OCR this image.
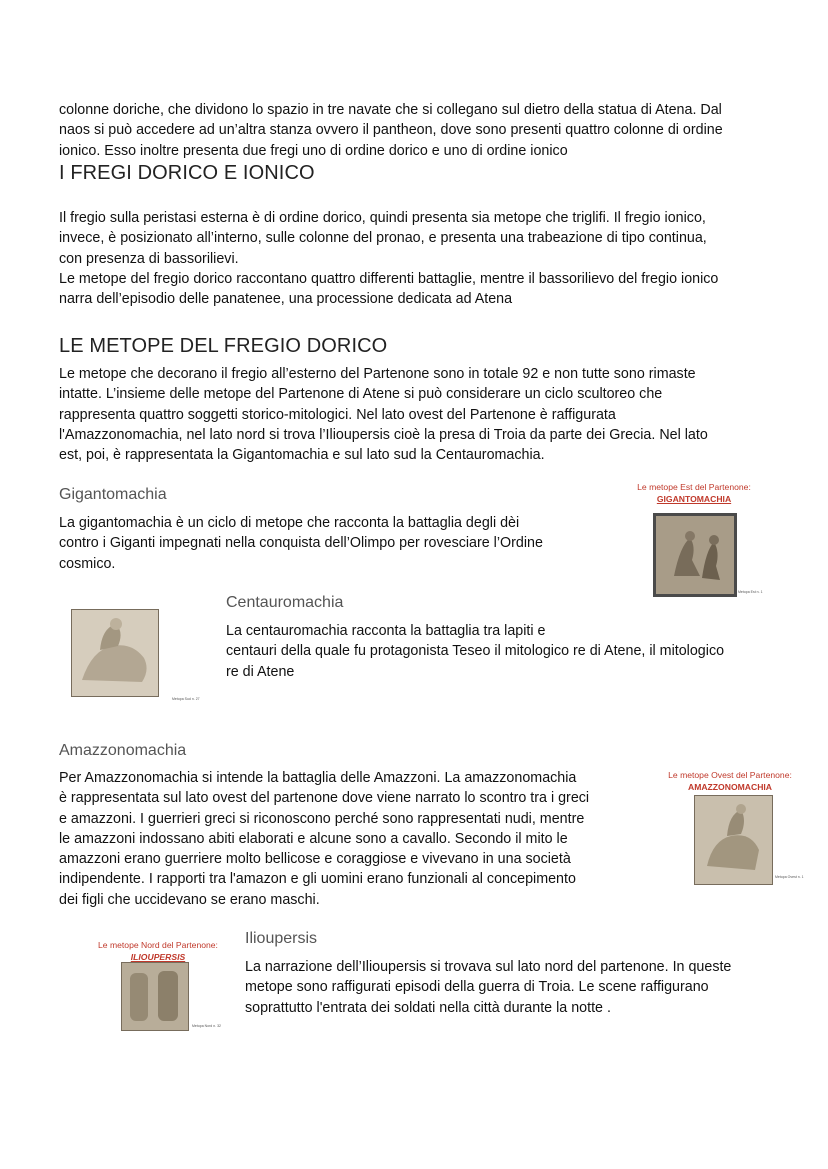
colonne doriche, che dividono lo spazio in tre navate che si collegano sul dietro della statua di Atena. Dal
naos si può accedere ad un’altra stanza ovvero il pantheon, dove sono presenti quattro colonne di ordine
ionico. Esso inoltre presenta due fregi uno di ordine dorico e uno di ordine ionico

I FREGI DORICO E IONICO

Il fregio sulla peristasi esterna è di ordine dorico, quindi presenta sia metope che triglifi. Il fregio ionico,
invece, è posizionato all’interno, sulle colonne del pronao, e presenta una trabeazione di tipo continua,
con presenza di bassorilievi.
Le metope del fregio dorico raccontano quattro differenti battaglie, mentre il bassorilievo del fregio ionico
narra dell’episodio delle panatenee, una processione dedicata ad Atena

LE METOPE DEL FREGIO DORICO

Le metope che decorano il fregio all’esterno del Partenone sono in totale 92 e non tutte sono rimaste
intatte. L’insieme delle metope del Partenone di Atene si può considerare un ciclo scultoreo che
rappresenta quattro soggetti storico-mitologici. Nel lato ovest del Partenone è raffigurata
l'Amazzonomachia, nel lato nord si trova l’Ilioupersis cioè la presa di Troia da parte dei Grecia. Nel lato
est, poi, è rappresentata la Gigantomachia e sul lato sud la Centauromachia.

Gigantomachia

La gigantomachia è un ciclo di metope che racconta la battaglia degli dèi
contro i Giganti impegnati nella conquista dell’Olimpo per rovesciare l’Ordine
cosmico.

Le metope Est del Partenone:
GIGANTOMACHIA
Metopa Est n. 1
Metopa Sud n. 27
Centauromachia

La centauromachia racconta la battaglia tra lapiti e
centauri della quale fu protagonista Teseo il mitologico re di Atene, il mitologico
re di Atene

Amazzonomachia

Per Amazzonomachia si intende la battaglia delle Amazzoni. La amazzonomachia
è rappresentata sul lato ovest del partenone dove viene narrato lo scontro tra i greci
e amazzoni. I guerrieri greci si riconoscono perché sono rappresentati nudi, mentre
le amazzoni indossano abiti elaborati e alcune sono a cavallo. Secondo il mito le
amazzoni erano guerriere molto bellicose e coraggiose e vivevano in una società
indipendente. I rapporti tra l'amazon e gli uomini erano funzionali al concepimento
dei figli che uccidevano se erano maschi.

Le metope Ovest del Partenone:
AMAZZONOMACHIA
Metopa Ovest n. 1
Le metope Nord del Partenone:
ILIOUPERSIS
Metopa Nord n. 32
Ilioupersis

La narrazione dell’Ilioupersis si trovava sul lato nord del partenone. In queste
metope sono raffigurati episodi della guerra di Troia. Le scene raffigurano
soprattutto l'entrata dei soldati nella città durante la notte .
